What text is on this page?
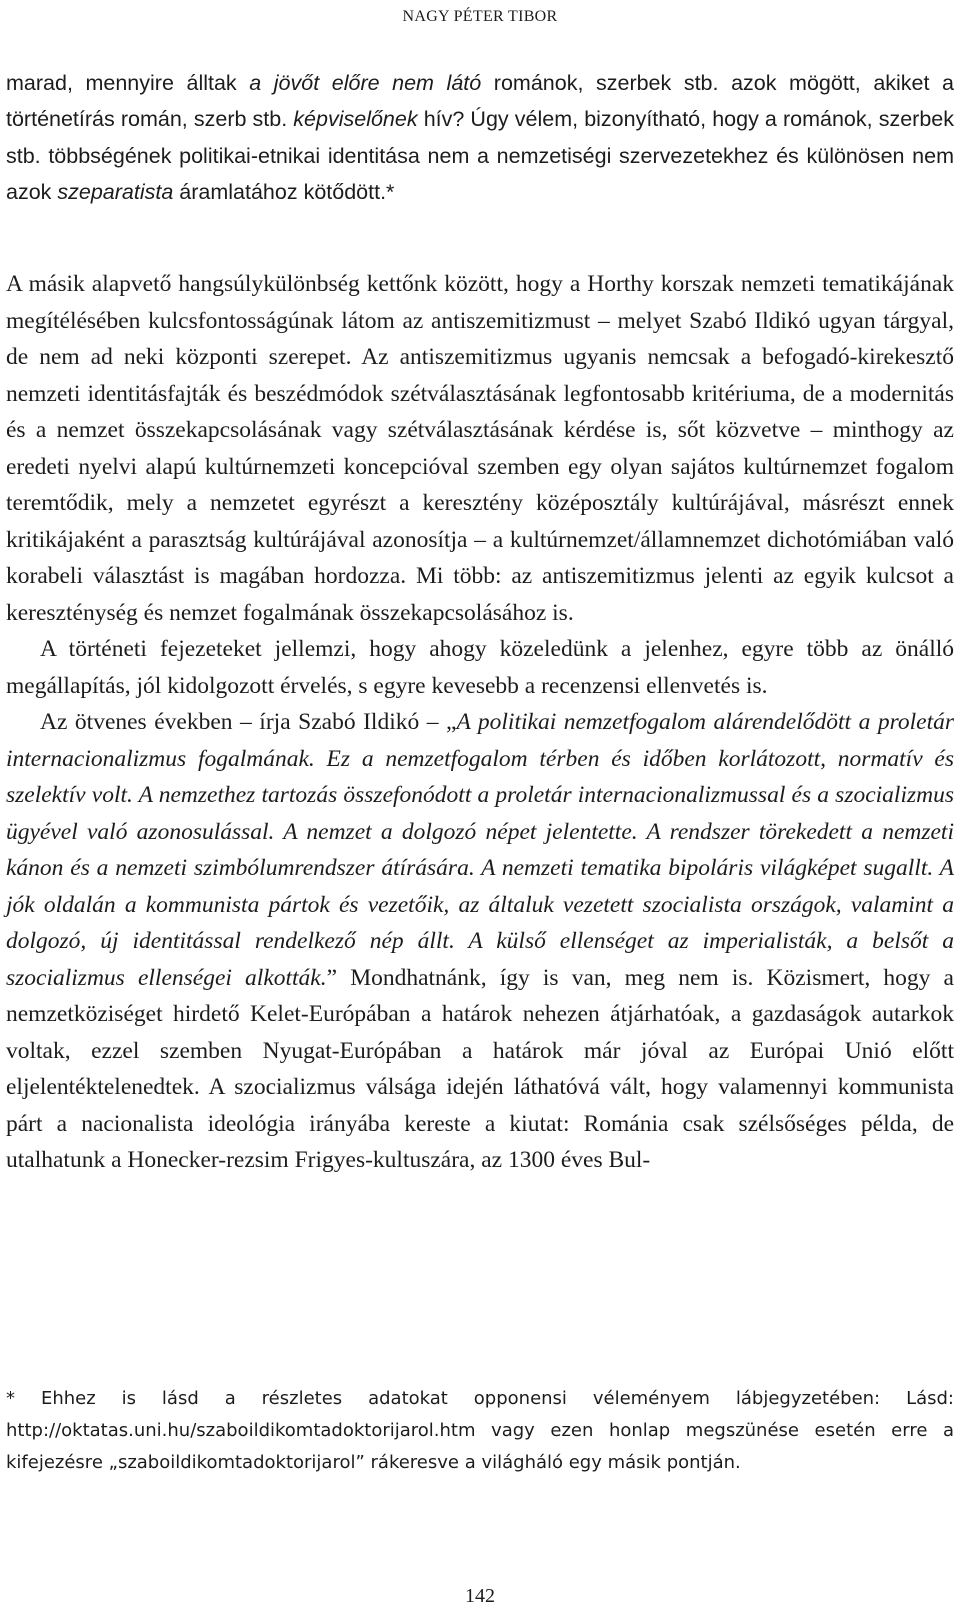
NAGY PÉTER TIBOR

marad, mennyire álltak a jövőt előre nem látó románok, szerbek stb. azok mögött, akiket a történetírás román, szerb stb. képviselőnek hív? Úgy vélem, bizonyítható, hogy a románok, szerbek stb. többségének politikai-etnikai identitása nem a nemzetiségi szervezetekhez és különösen nem azok szeparatista áramlatához kötődött.*

A másik alapvető hangsúlykülönbség kettőnk között, hogy a Horthy korszak nemzeti tematikájának megítélésében kulcsfontosságúnak látom az antiszemitizmust – melyet Szabó Ildikó ugyan tárgyal, de nem ad neki központi szerepet. Az antiszemitizmus ugyanis nemcsak a befogadó-kirekesztő nemzeti identitásfajták és beszédmódok szétválasztásának legfontosabb kritériuma, de a modernitás és a nemzet összekapcsolásának vagy szétválasztásának kérdése is, sőt közvetve – minthogy az eredeti nyelvi alapú kultúrnemzeti koncepcióval szemben egy olyan sajátos kultúrnemzet fogalom teremtődik, mely a nemzetet egyrészt a keresztény középosztály kultúrájával, másrészt ennek kritikájaként a parasztság kultúrájával azonosítja – a kultúrnemzet/államnemzet dichotómiában való korabeli választást is magában hordozza. Mi több: az antiszemitizmus jelenti az egyik kulcsot a kereszténység és nemzet fogalmának összekapcsolásához is.

A történeti fejezeteket jellemzi, hogy ahogy közeledünk a jelenhez, egyre több az önálló megállapítás, jól kidolgozott érvelés, s egyre kevesebb a recenzensi ellenvetés is.

Az ötvenes években – írja Szabó Ildikó – „A politikai nemzetfogalom alárendelődött a proletár internacionalizmus fogalmának. Ez a nemzetfogalom térben és időben korlátozott, normatív és szelektív volt. A nemzethez tartozás összefonódott a proletár internacionalizmussal és a szocializmus ügyével való azonosulással. A nemzet a dolgozó népet jelentette. A rendszer törekedett a nemzeti kánon és a nemzeti szimbólumrendszer átírására. A nemzeti tematika bipoláris világképet sugallt. A jók oldalán a kommunista pártok és vezetőik, az általuk vezetett szocialista országok, valamint a dolgozó, új identitással rendelkező nép állt. A külső ellenséget az imperialisták, a belsőt a szocializmus ellenségei alkották.” Mondhatnánk, így is van, meg nem is. Közismert, hogy a nemzetköziséget hirdető Kelet-Európában a határok nehezen átjárhatóak, a gazdaságok autarkok voltak, ezzel szemben Nyugat-Európában a határok már jóval az Európai Unió előtt eljelentéktelenedtek. A szocializmus válsága idején láthatóvá vált, hogy valamennyi kommunista párt a nacionalista ideológia irányába kereste a kiutat: Románia csak szélsőséges példa, de utalhatunk a Honecker-rezsim Frigyes-kultuszára, az 1300 éves Bul-

* Ehhez is lásd a részletes adatokat opponensi véleményem lábjegyzetében: Lásd: http://oktatas.uni.hu/szaboildikomtadoktorijarol.htm vagy ezen honlap megszünése esetén erre a kifejezésre „szaboildikomtadoktorijarol” rákeresve a világháló egy másik pontján.

142
